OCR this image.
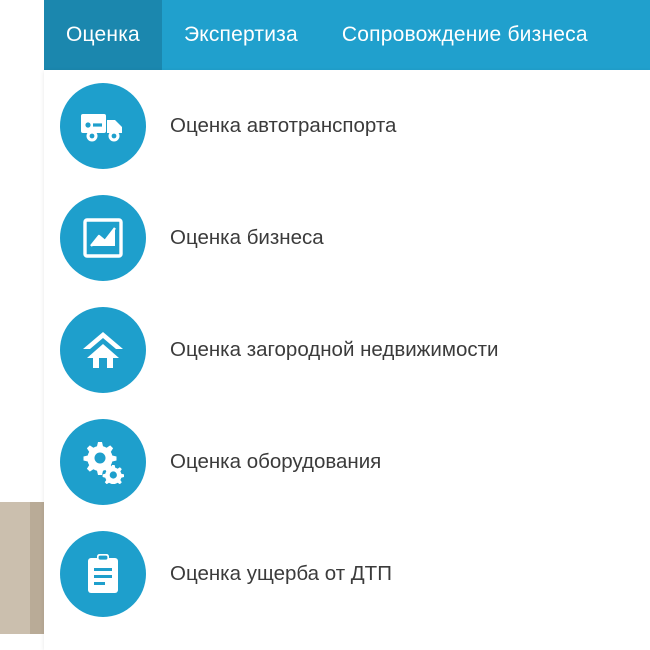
Оценка Экспертиза Сопровождение бизнеса
Оценка автотранспорта
Оценка бизнеса
Оценка загородной недвижимости
Оценка оборудования
Оценка ущерба от ДТП
